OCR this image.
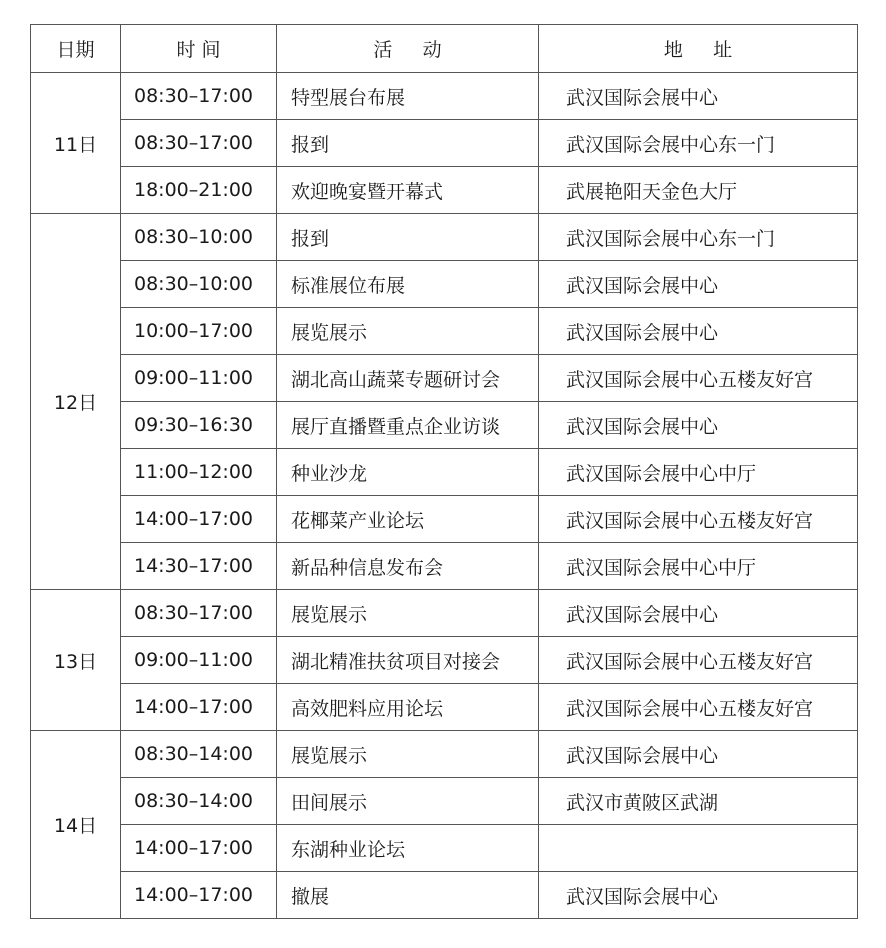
日期	时 间	活     动	地     址
11日	08:30–17:00	特型展台布展	武汉国际会展中心
	08:30–17:00	报到	武汉国际会展中心东一门
	18:00–21:00	欢迎晚宴暨开幕式	武展艳阳天金色大厅
12日	08:30–10:00	报到	武汉国际会展中心东一门
	08:30–10:00	标准展位布展	武汉国际会展中心
	10:00–17:00	展览展示	武汉国际会展中心
	09:00–11:00	湖北高山蔬菜专题研讨会	武汉国际会展中心五楼友好宫
	09:30–16:30	展厅直播暨重点企业访谈	武汉国际会展中心
	11:00–12:00	种业沙龙	武汉国际会展中心中厅
	14:00–17:00	花椰菜产业论坛	武汉国际会展中心五楼友好宫
	14:30–17:00	新品种信息发布会	武汉国际会展中心中厅
13日	08:30–17:00	展览展示	武汉国际会展中心
	09:00–11:00	湖北精准扶贫项目对接会	武汉国际会展中心五楼友好宫
	14:00–17:00	高效肥料应用论坛	武汉国际会展中心五楼友好宫
14日	08:30–14:00	展览展示	武汉国际会展中心
	08:30–14:00	田间展示	武汉市黄陂区武湖
	14:00–17:00	东湖种业论坛	
	14:00–17:00	撤展	武汉国际会展中心
